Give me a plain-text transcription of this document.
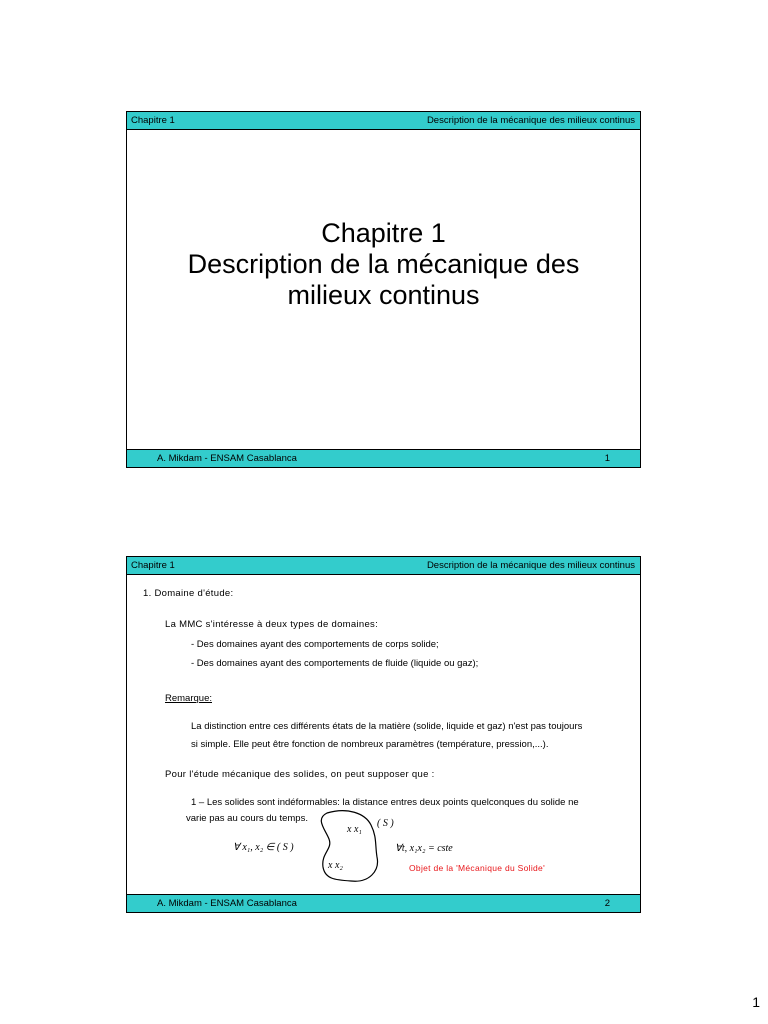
Chapitre 1	Description de la mécanique des milieux continus
Chapitre 1
Description de la mécanique des
milieux continus
A. Mikdam - ENSAM Casablanca	1
Chapitre 1	Description de la mécanique des milieux continus
1. Domaine d'étude:
La MMC s'intéresse à deux types de domaines:
- Des domaines ayant des comportements de corps solide;
- Des domaines ayant des comportements de fluide (liquide ou gaz);
Remarque:
La distinction entre ces différents états de la matière (solide, liquide et gaz) n'est pas toujours
si simple. Elle peut être fonction de nombreux paramètres (température, pression,...).
Pour l'étude mécanique des solides, on peut supposer que :
1 – Les solides sont indéformables: la distance entres deux points quelconques du solide ne
varie pas au cours du temps.
x x₁
x x₂
( S )
∀ x₁, x₂ ∈ ( S )	∀t, x₁x₂ = cste
Objet de la 'Mécanique du Solide'
A. Mikdam - ENSAM Casablanca	2
1
